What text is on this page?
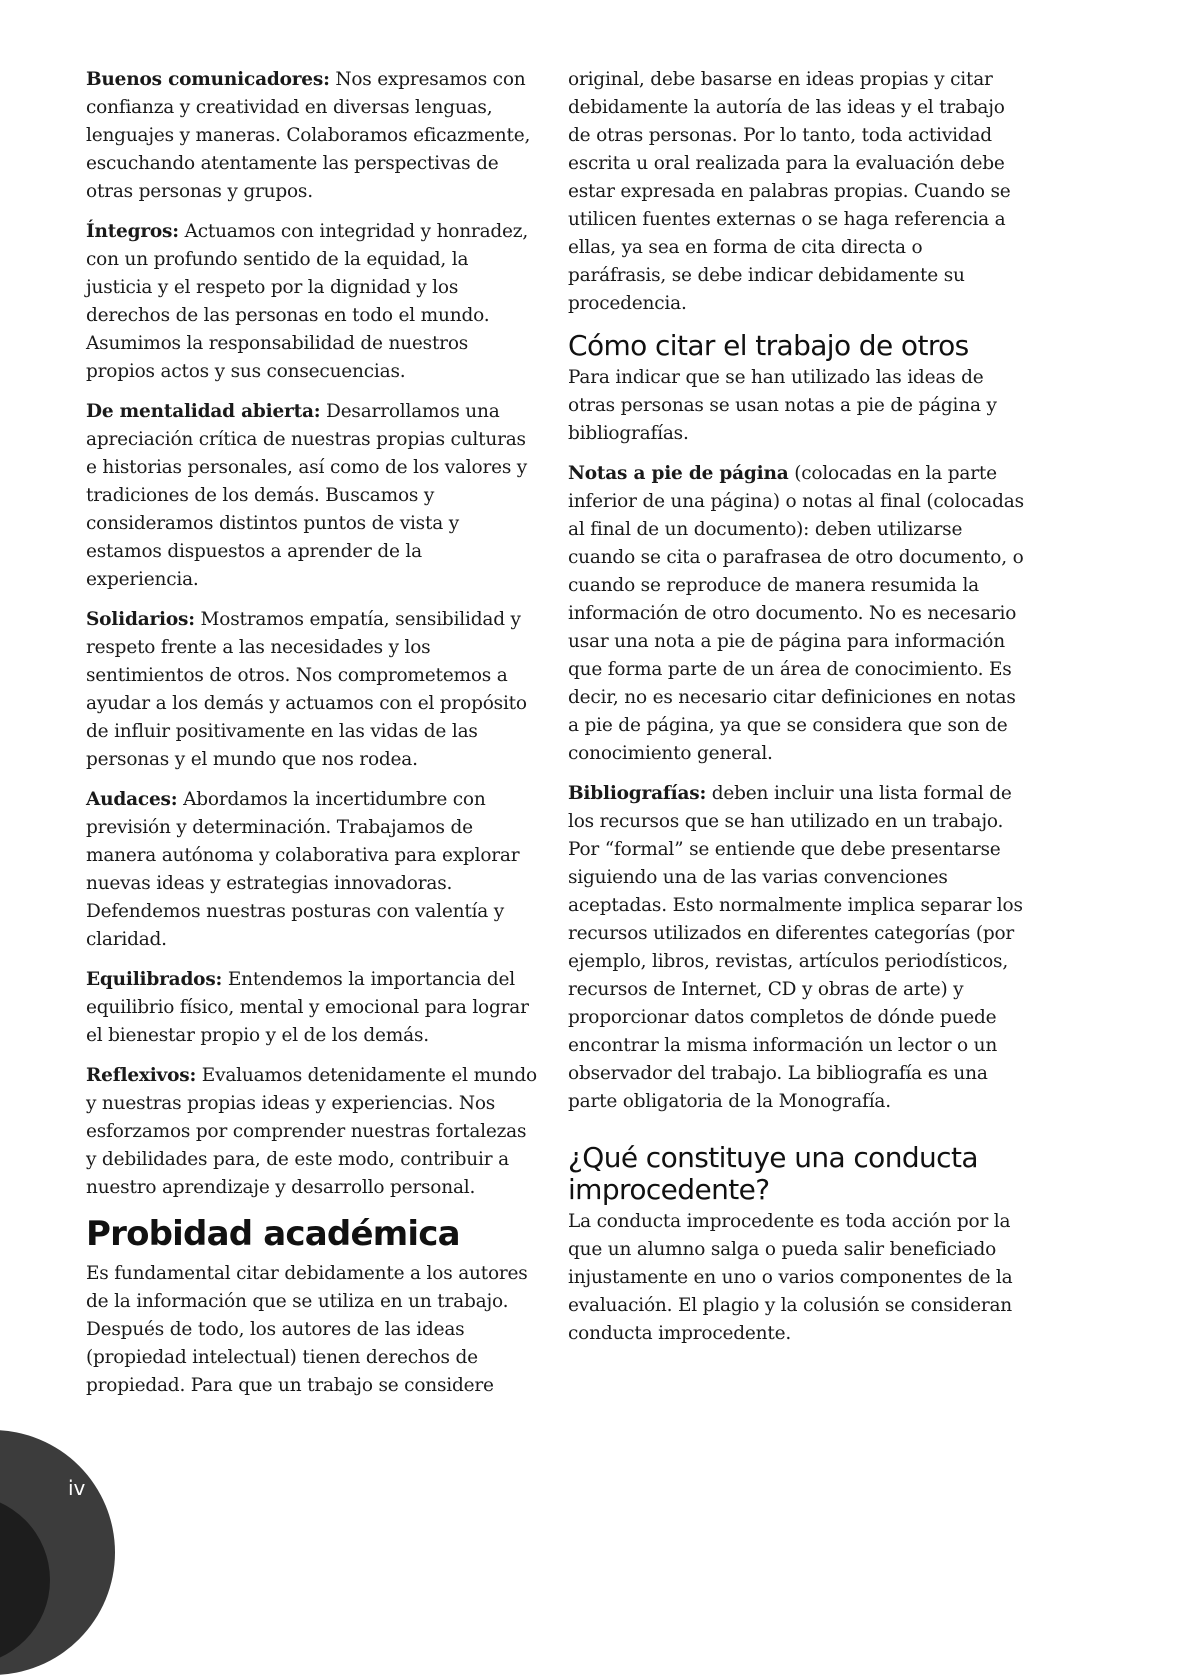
Buenos comunicadores: Nos expresamos con confianza y creatividad en diversas lenguas, lenguajes y maneras. Colaboramos eficazmente, escuchando atentamente las perspectivas de otras personas y grupos.

Íntegros: Actuamos con integridad y honradez, con un profundo sentido de la equidad, la justicia y el respeto por la dignidad y los derechos de las personas en todo el mundo. Asumimos la responsabilidad de nuestros propios actos y sus consecuencias.

De mentalidad abierta: Desarrollamos una apreciación crítica de nuestras propias culturas e historias personales, así como de los valores y tradiciones de los demás. Buscamos y consideramos distintos puntos de vista y estamos dispuestos a aprender de la experiencia.

Solidarios: Mostramos empatía, sensibilidad y respeto frente a las necesidades y los sentimientos de otros. Nos comprometemos a ayudar a los demás y actuamos con el propósito de influir positivamente en las vidas de las personas y el mundo que nos rodea.

Audaces: Abordamos la incertidumbre con previsión y determinación. Trabajamos de manera autónoma y colaborativa para explorar nuevas ideas y estrategias innovadoras. Defendemos nuestras posturas con valentía y claridad.

Equilibrados: Entendemos la importancia del equilibrio físico, mental y emocional para lograr el bienestar propio y el de los demás.

Reflexivos: Evaluamos detenidamente el mundo y nuestras propias ideas y experiencias. Nos esforzamos por comprender nuestras fortalezas y debilidades para, de este modo, contribuir a nuestro aprendizaje y desarrollo personal.

Probidad académica

Es fundamental citar debidamente a los autores de la información que se utiliza en un trabajo. Después de todo, los autores de las ideas (propiedad intelectual) tienen derechos de propiedad. Para que un trabajo se considere

original, debe basarse en ideas propias y citar debidamente la autoría de las ideas y el trabajo de otras personas. Por lo tanto, toda actividad escrita u oral realizada para la evaluación debe estar expresada en palabras propias. Cuando se utilicen fuentes externas o se haga referencia a ellas, ya sea en forma de cita directa o paráfrasis, se debe indicar debidamente su procedencia.

Cómo citar el trabajo de otros

Para indicar que se han utilizado las ideas de otras personas se usan notas a pie de página y bibliografías.

Notas a pie de página (colocadas en la parte inferior de una página) o notas al final (colocadas al final de un documento): deben utilizarse cuando se cita o parafrasea de otro documento, o cuando se reproduce de manera resumida la información de otro documento. No es necesario usar una nota a pie de página para información que forma parte de un área de conocimiento. Es decir, no es necesario citar definiciones en notas a pie de página, ya que se considera que son de conocimiento general.

Bibliografías: deben incluir una lista formal de los recursos que se han utilizado en un trabajo. Por “formal” se entiende que debe presentarse siguiendo una de las varias convenciones aceptadas. Esto normalmente implica separar los recursos utilizados en diferentes categorías (por ejemplo, libros, revistas, artículos periodísticos, recursos de Internet, CD y obras de arte) y proporcionar datos completos de dónde puede encontrar la misma información un lector o un observador del trabajo. La bibliografía es una parte obligatoria de la Monografía.

¿Qué constituye una conducta improcedente?

La conducta improcedente es toda acción por la que un alumno salga o pueda salir beneficiado injustamente en uno o varios componentes de la evaluación. El plagio y la colusión se consideran conducta improcedente.

iv
